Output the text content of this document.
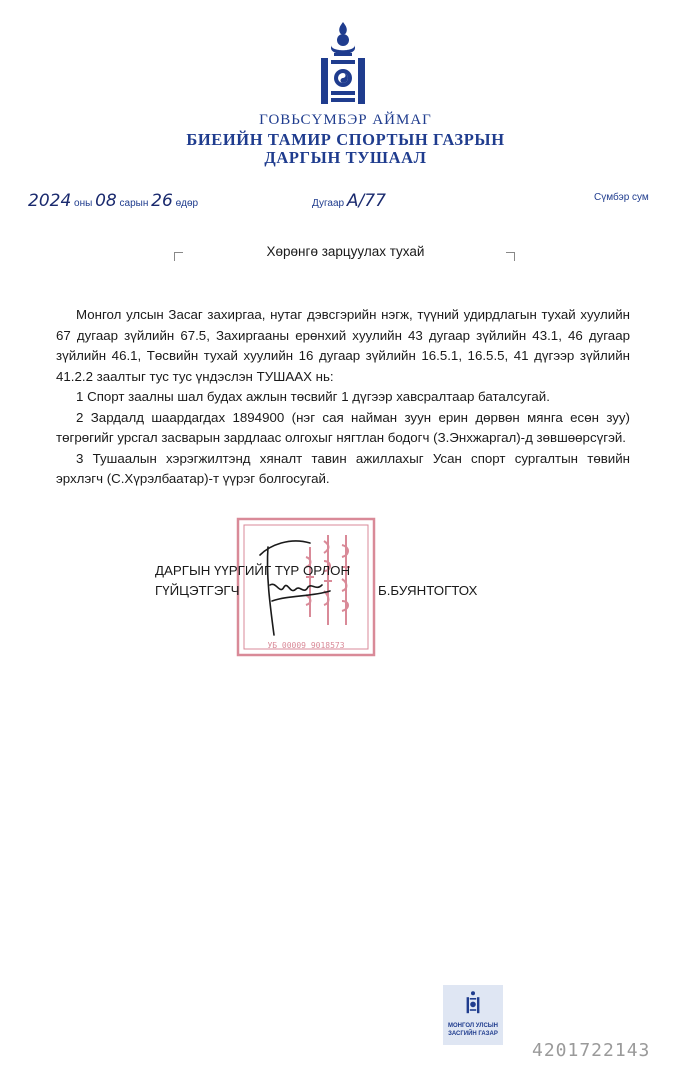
ГОВЬСҮМБЭР АЙМАГ
БИЕИЙН ТАМИР СПОРТЫН ГАЗРЫН
ДАРГЫН ТУШААЛ
2024 оны 08 сарын 26 өдөр	Дугаар А/77	Сүмбэр сум
Хөрөнгө зарцуулах тухай

Монгол улсын Засаг захиргаа, нутаг дэвсгэрийн нэгж, түүний удирдлагын тухай хуулийн 67 дугаар зүйлийн 67.5, Захиргааны ерөнхий хуулийн 43 дугаар зүйлийн 43.1, 46 дугаар зүйлийн 46.1, Төсвийн тухай хуулийн 16 дугаар зүйлийн 16.5.1, 16.5.5, 41 дүгээр зүйлийн 41.2.2 заалтыг тус тус үндэслэн ТУШААХ нь:

1 Спорт заалны шал будах ажлын төсвийг 1 дүгээр хавсралтаар баталсугай.

2 Зардалд шаардагдах 1894900 (нэг сая найман зуун ерин дөрвөн мянга есөн зуу) төгрөгийг урсгал засварын зардлаас олгохыг нягтлан бодогч (З.Энхжаргал)-д зөвшөөрсүгэй.

3 Тушаалын хэрэгжилтэнд хяналт тавин ажиллахыг Усан спорт сургалтын төвийн эрхлэгч (С.Хүрэлбаатар)-т үүрэг болгосугай.

УБ 00009 9018573
ДАРГЫН ҮҮРГИЙГ ТҮР ОРЛОН
ГҮЙЦЭТГЭГЧ	Б.БУЯНТОГТОХ
МОНГОЛ УЛСЫН
ЗАСГИЙН ГАЗАР
4201722143
